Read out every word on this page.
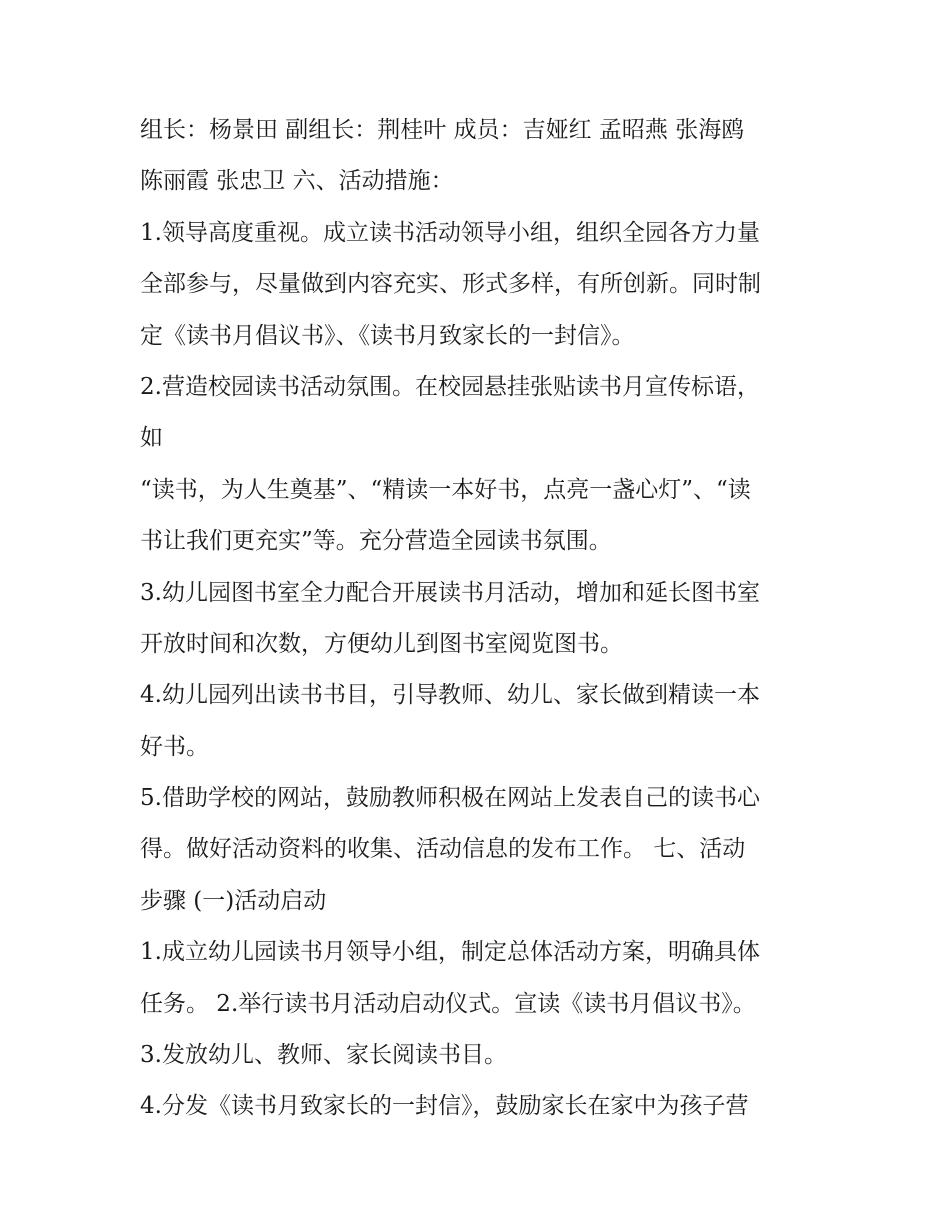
组长：杨景田 副组长：荆桂叶 成员：吉娅红 孟昭燕 张海鸥
陈丽霞 张忠卫 六、活动措施：
1.领导高度重视。成立读书活动领导小组，组织全园各方力量
全部参与，尽量做到内容充实、形式多样，有所创新。同时制
定《读书月倡议书》、《读书月致家长的一封信》。
2.营造校园读书活动氛围。在校园悬挂张贴读书月宣传标语，
如
“读书，为人生奠基”、“精读一本好书，点亮一盏心灯”、“读
书让我们更充实”等。充分营造全园读书氛围。
3.幼儿园图书室全力配合开展读书月活动，增加和延长图书室
开放时间和次数，方便幼儿到图书室阅览图书。
4.幼儿园列出读书书目，引导教师、幼儿、家长做到精读一本
好书。
5.借助学校的网站，鼓励教师积极在网站上发表自己的读书心
得。做好活动资料的收集、活动信息的发布工作。 七、活动
步骤 (一)活动启动
1.成立幼儿园读书月领导小组，制定总体活动方案，明确具体
任务。 2.举行读书月活动启动仪式。宣读《读书月倡议书》。
3.发放幼儿、教师、家长阅读书目。
4.分发《读书月致家长的一封信》，鼓励家长在家中为孩子营
